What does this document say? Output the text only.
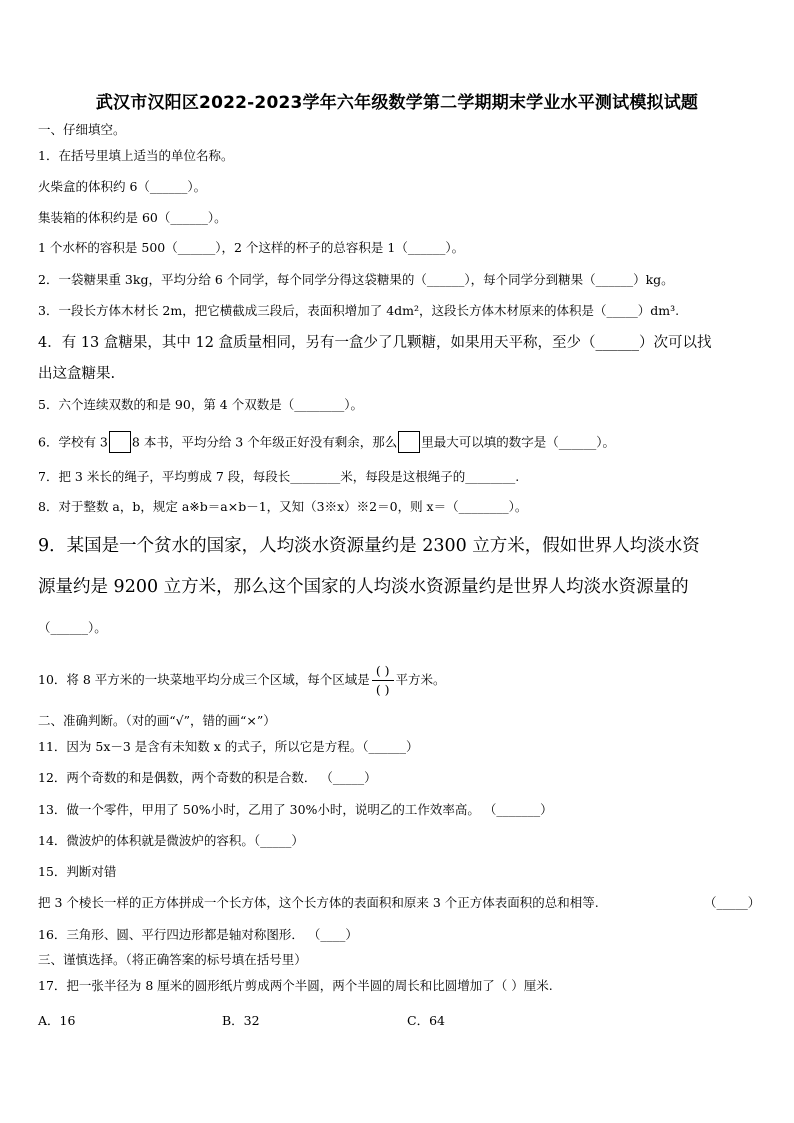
武汉市汉阳区2022-2023学年六年级数学第二学期期末学业水平测试模拟试题
一、仔细填空。
1．在括号里填上适当的单位名称。
火柴盒的体积约 6（______）。
集装箱的体积约是 60（______）。
1 个水杯的容积是 500（______），2 个这样的杯子的总容积是 1（______）。
2．一袋糖果重 3kg，平均分给 6 个同学，每个同学分得这袋糖果的（______），每个同学分到糖果（______）kg。
3．一段长方体木材长 2m，把它横截成三段后，表面积增加了 4dm²，这段长方体木材原来的体积是（_____）dm³.
4．有 13 盒糖果，其中 12 盒质量相同，另有一盒少了几颗糖，如果用天平称，至少（______）次可以找
出这盒糖果.
5．六个连续双数的和是 90，第 4 个双数是（________）。
6．学校有 3 8 本书，平均分给 3 个年级正好没有剩余，那么 里最大可以填的数字是（______）。
7．把 3 米长的绳子，平均剪成 7 段，每段长________米，每段是这根绳子的________.
8．对于整数 a，b，规定 a※b＝a×b－1，又知（3※x）※2＝0，则 x＝（________）。
9．某国是一个贫水的国家，人均淡水资源量约是 2300 立方米，假如世界人均淡水资
源量约是 9200 立方米，那么这个国家的人均淡水资源量约是世界人均淡水资源量的
（______）。
10．将 8 平方米的一块菜地平均分成三个区域，每个区域是 $\frac{( )}{( )}$ 平方米。
二、准确判断。（对的画“√”，错的画“×”）
11．因为 5x－3 是含有未知数 x 的式子，所以它是方程。（______）
12．两个奇数的和是偶数，两个奇数的积是合数． （_____）
13．做一个零件，甲用了 50%小时，乙用了 30%小时，说明乙的工作效率高。 （_______）
14．微波炉的体积就是微波炉的容积。（_____）
15．判断对错
把 3 个棱长一样的正方体拼成一个长方体，这个长方体的表面积和原来 3 个正方体表面积的总和相等.	（_____）
16．三角形、圆、平行四边形都是轴对称图形． （____）
三、谨慎选择。（将正确答案的标号填在括号里）
17．把一张半径为 8 厘米的圆形纸片剪成两个半圆，两个半圆的周长和比圆增加了（ ）厘米.
A．16	B．32	C．64
